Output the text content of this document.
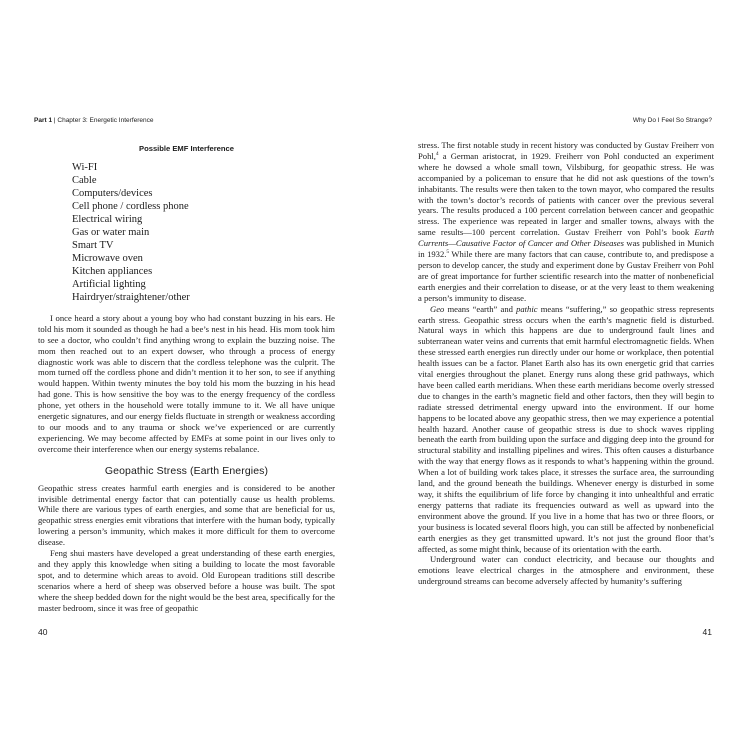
Part 1 | Chapter 3: Energetic Interference
Possible EMF Interference
Wi-FI
Cable
Computers/devices
Cell phone / cordless phone
Electrical wiring
Gas or water main
Smart TV
Microwave oven
Kitchen appliances
Artificial lighting
Hairdryer/straightener/other

I once heard a story about a young boy who had constant buzzing in his ears. He told his mom it sounded as though he had a bee’s nest in his head. His mom took him to see a doctor, who couldn’t find anything wrong to explain the buzzing noise. The mom then reached out to an expert dowser, who through a process of energy diagnostic work was able to discern that the cordless telephone was the culprit. The mom turned off the cordless phone and didn’t mention it to her son, to see if anything would happen. Within twenty minutes the boy told his mom the buzzing in his head had gone. This is how sensitive the boy was to the energy frequency of the cordless phone, yet others in the household were totally immune to it. We all have unique energetic signatures, and our energy fields fluctuate in strength or weakness according to our moods and to any trauma or shock we’ve experienced or are currently experiencing. We may become affected by EMFs at some point in our lives only to overcome their interference when our energy systems rebalance.

Geopathic Stress (Earth Energies)

Geopathic stress creates harmful earth energies and is considered to be another invisible detrimental energy factor that can potentially cause us health problems. While there are various types of earth energies, and some that are beneficial for us, geopathic stress energies emit vibrations that interfere with the human body, typically lowering a person’s immunity, which makes it more difficult for them to overcome disease.

Feng shui masters have developed a great understanding of these earth energies, and they apply this knowledge when siting a building to locate the most favorable spot, and to determine which areas to avoid. Old European traditions still describe scenarios where a herd of sheep was observed before a house was built. The spot where the sheep bedded down for the night would be the best area, specifically for the master bedroom, since it was free of geopathic

40
Why Do I Feel So Strange?

stress. The first notable study in recent history was conducted by Gustav Freiherr von Pohl,$^4$ a German aristocrat, in 1929. Freiherr von Pohl conducted an experiment where he dowsed a whole small town, Vilsbiburg, for geopathic stress. He was accompanied by a policeman to ensure that he did not ask questions of the town’s inhabitants. The results were then taken to the town mayor, who compared the results with the town’s doctor’s records of patients with cancer over the previous several years. The results produced a 100 percent correlation between cancer and geopathic stress. The experience was repeated in larger and smaller towns, always with the same results—100 percent correlation. Gustav Freiherr von Pohl’s book Earth Currents—Causative Factor of Cancer and Other Diseases was published in Munich in 1932.$^5$ While there are many factors that can cause, contribute to, and predispose a person to develop cancer, the study and experiment done by Gustav Freiherr von Pohl are of great importance for further scientific research into the matter of nonbeneficial earth energies and their correlation to disease, or at the very least to them weakening a person’s immunity to disease.

Geo means “earth” and pathic means “suffering,” so geopathic stress represents earth stress. Geopathic stress occurs when the earth’s magnetic field is disturbed. Natural ways in which this happens are due to underground fault lines and subterranean water veins and currents that emit harmful electromagnetic fields. When these stressed earth energies run directly under our home or workplace, then potential health issues can be a factor. Planet Earth also has its own energetic grid that carries vital energies throughout the planet. Energy runs along these grid pathways, which have been called earth meridians. When these earth meridians become overly stressed due to changes in the earth’s magnetic field and other factors, then they will begin to radiate stressed detrimental energy upward into the environment. If our home happens to be located above any geopathic stress, then we may experience a potential health hazard. Another cause of geopathic stress is due to shock waves rippling beneath the earth from building upon the surface and digging deep into the ground for structural stability and installing pipelines and wires. This often causes a disturbance with the way that energy flows as it responds to what’s happening within the ground. When a lot of building work takes place, it stresses the surface area, the surrounding land, and the ground beneath the buildings. Whenever energy is disturbed in some way, it shifts the equilibrium of life force by changing it into unhealthful and erratic energy patterns that radiate its frequencies outward as well as upward into the environment above the ground. If you live in a home that has two or three floors, or your business is located several floors high, you can still be affected by nonbeneficial earth energies as they get transmitted upward. It’s not just the ground floor that’s affected, as some might think, because of its orientation with the earth.

Underground water can conduct electricity, and because our thoughts and emotions leave electrical charges in the atmosphere and environment, these underground streams can become adversely affected by humanity’s suffering

41
